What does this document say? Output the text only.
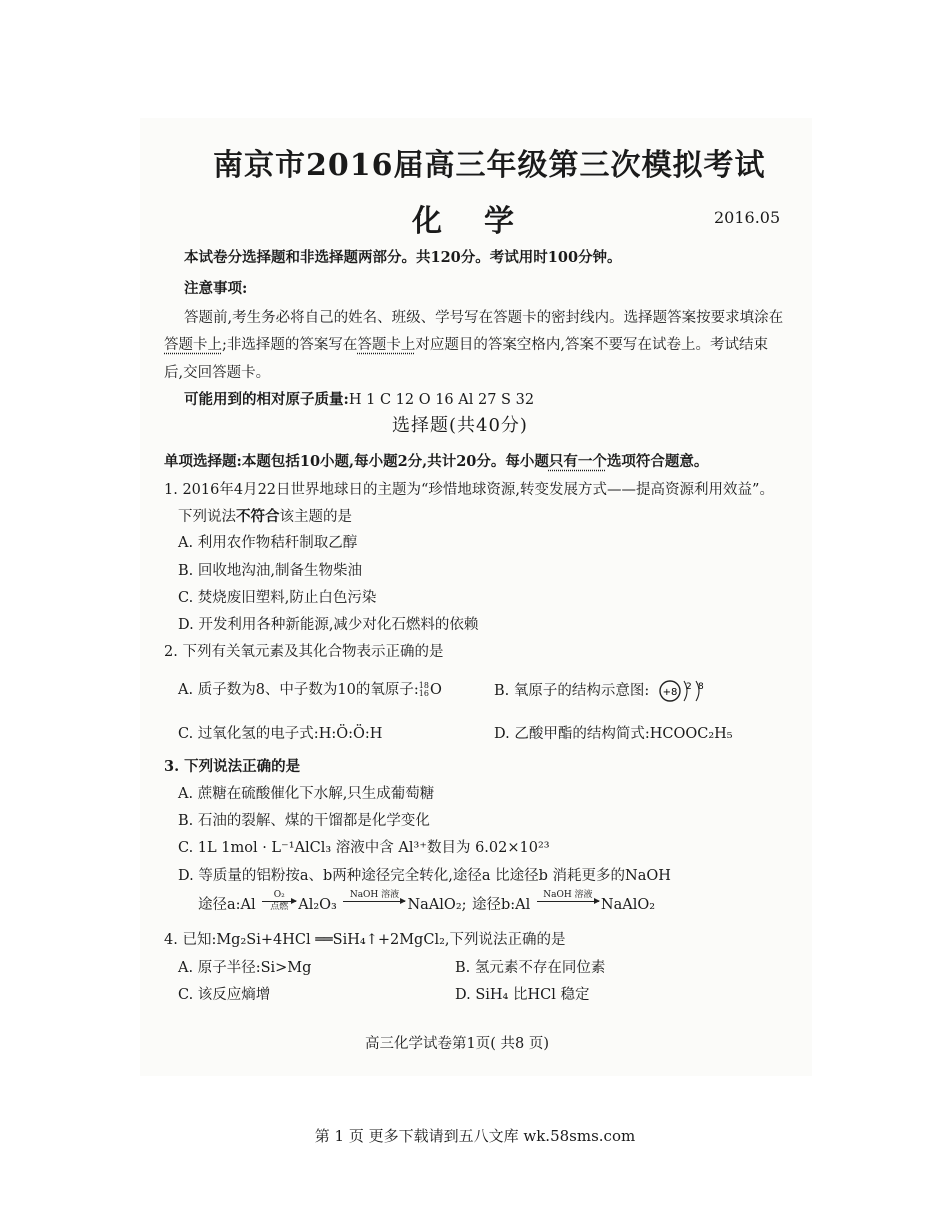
南京市2016届高三年级第三次模拟考试
化学	2016.05
本试卷分选择题和非选择题两部分。共120分。考试用时100分钟。
注意事项:
答题前,考生务必将自己的姓名、班级、学号写在答题卡的密封线内。选择题答案按要求填涂在
答题卡上;非选择题的答案写在答题卡上对应题目的答案空格内,答案不要写在试卷上。考试结束
后,交回答题卡。
可能用到的相对原子质量:H 1 C 12 O 16 Al 27 S 32
选择题(共40分)
单项选择题:本题包括10小题,每小题2分,共计20分。每小题只有一个选项符合题意。
1. 2016年4月22日世界地球日的主题为“珍惜地球资源,转变发展方式——提高资源利用效益”。
下列说法不符合该主题的是
A. 利用农作物秸秆制取乙醇
B. 回收地沟油,制备生物柴油
C. 焚烧废旧塑料,防止白色污染
D. 开发利用各种新能源,减少对化石燃料的依赖
2. 下列有关氧元素及其化合物表示正确的是
A. 质子数为8、中子数为10的氧原子: 18
16 O	B. 氧原子的结构示意图: +8 2 8
C. 过氧化氢的电子式:H:Ö:Ö:H	D. 乙酸甲酯的结构简式:HCOOC₂H₅
3. 下列说法正确的是
A. 蔗糖在硫酸催化下水解,只生成葡萄糖
B. 石油的裂解、煤的干馏都是化学变化
C. 1L 1mol · L⁻¹AlCl₃ 溶液中含 Al³⁺数目为 6.02×10²³
D. 等质量的铝粉按a、b两种途径完全转化,途径a 比途径b 消耗更多的NaOH
途径a:Al
O₂
点燃 Al₂O₃
NaOH 溶液

NaAlO₂; 途径b:Al
NaOH 溶液

NaAlO₂
4. 已知:Mg₂Si+4HCl ══SiH₄↑+2MgCl₂,下列说法正确的是
A. 原子半径:Si>Mg	B. 氢元素不存在同位素
C. 该反应熵增	D. SiH₄ 比HCl 稳定
高三化学试卷第1页( 共8 页)
第 1 页 更多下载请到五八文库 wk.58sms.com
